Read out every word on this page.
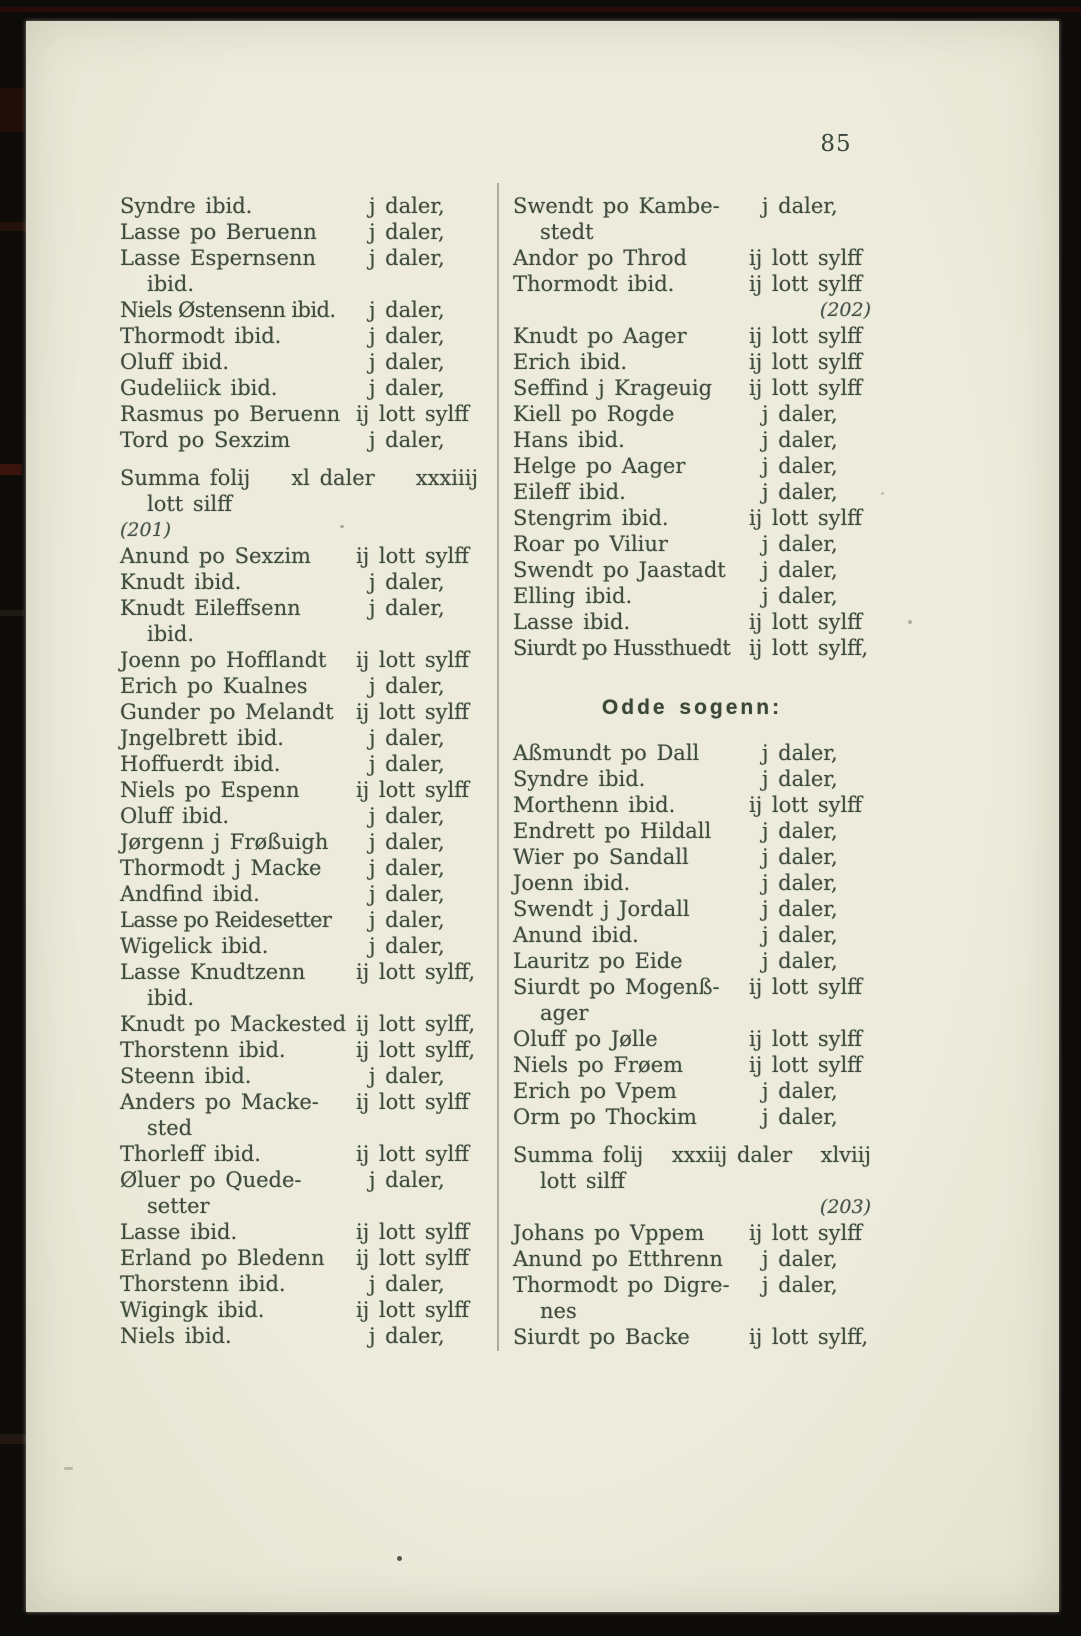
85
Syndre ibid.	j daler,
Lasse po Beruenn	j daler,
Lasse Espernsenn	j daler,
ibid.
Niels Østensenn ibid.	j daler,
Thormodt ibid.	j daler,
Oluff ibid.	j daler,
Gudeliick ibid.	j daler,
Rasmus po Beruenn ij lott sylff
Tord po Sexzim	j daler,
Summa folij xl daler xxxiiij
lott silff
(201)
Anund po Sexzim ij lott sylff
Knudt ibid.	j daler,
Knudt Eileffsenn	j daler,
ibid.
Joenn po Hofflandt ij lott sylff
Erich po Kualnes	j daler,
Gunder po Melandt ij lott sylff
Jngelbrett ibid.	j daler,
Hoffuerdt ibid.	j daler,
Niels po Espenn	ij lott sylff
Oluff ibid.	j daler,
Jørgenn j Frøßuigh	j daler,
Thormodt j Macke	j daler,
Andfind ibid.	j daler,
Lasse po Reidesetter	j daler,
Wigelick ibid.	j daler,
Lasse Knudtzenn ij lott sylff,
ibid.
Knudt po Mackested ij lott sylff,
Thorstenn ibid.	ij lott sylff,
Steenn ibid.	j daler,
Anders po Macke- ij lott sylff
sted
Thorleff ibid.	ij lott sylff
Øluer po Quede-	j daler,
setter
Lasse ibid.	ij lott sylff
Erland po Bledenn ij lott sylff
Thorstenn ibid.	j daler,
Wigingk ibid.	ij lott sylff
Niels ibid.	j daler,
Swendt po Kambe-	j daler,
stedt
Andor po Throd	ij lott sylff
Thormodt ibid.	ij lott sylff
(202)
Knudt po Aager	ij lott sylff
Erich ibid.	ij lott sylff
Seffind j Krageuig ij lott sylff
Kiell po Rogde	j daler,
Hans ibid.	j daler,
Helge po Aager	j daler,
Eileff ibid.	j daler,
Stengrim ibid.	ij lott sylff
Roar po Viliur	j daler,
Swendt po Jaastadt	j daler,
Elling ibid.	j daler,
Lasse ibid.	ij lott sylff
Siurdt po Hussthuedt ij lott sylff,
Odde sogenn:
Aßmundt po Dall	j daler,
Syndre ibid.	j daler,
Morthenn ibid.	ij lott sylff
Endrett po Hildall	j daler,
Wier po Sandall	j daler,
Joenn ibid.	j daler,
Swendt j Jordall	j daler,
Anund ibid.	j daler,
Lauritz po Eide	j daler,
Siurdt po Mogenß- ij lott sylff
ager
Oluff po Jølle	ij lott sylff
Niels po Frøem	ij lott sylff
Erich po Vpem	j daler,
Orm po Thockim	j daler,
Summa folij xxxiij daler xlviij
lott silff
(203)
Johans po Vppem ij lott sylff
Anund po Etthrenn	j daler,
Thormodt po Digre-	j daler,
nes
Siurdt po Backe	ij lott sylff,
